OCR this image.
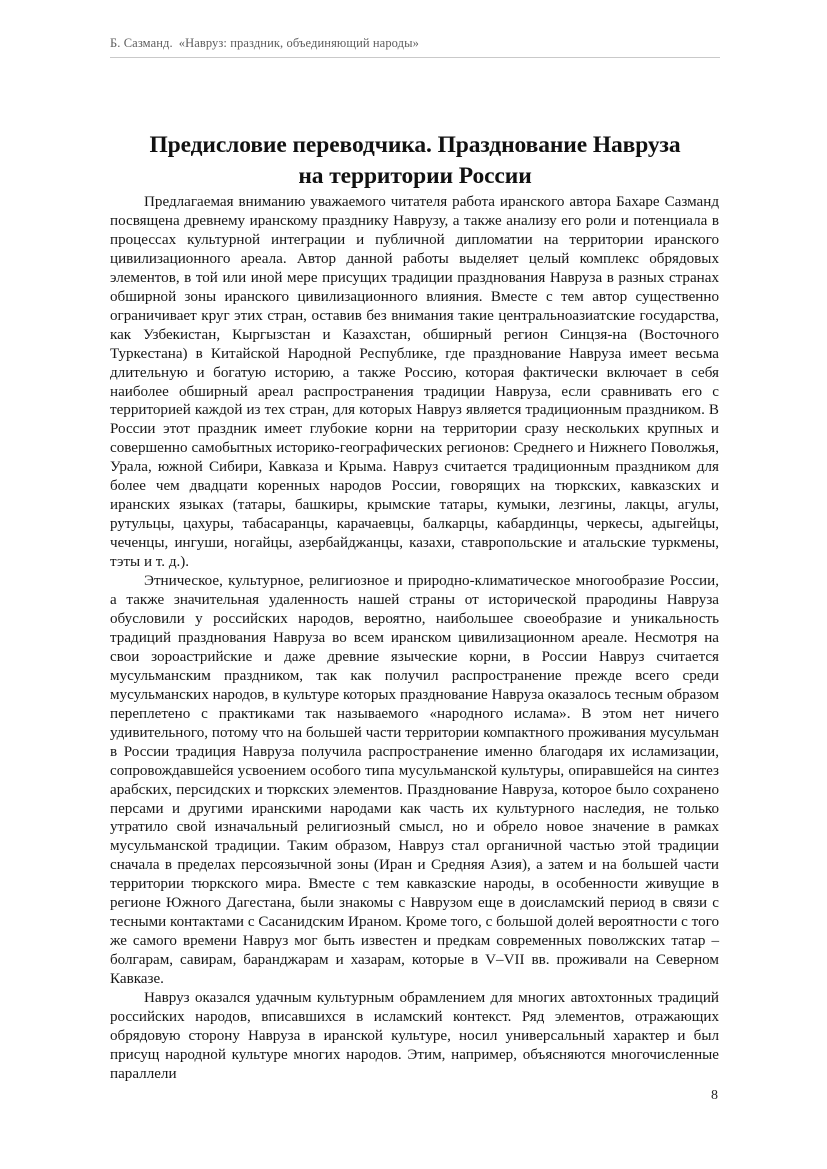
Б. Сазманд. «Навруз: праздник, объединяющий народы»
Предисловие переводчика. Празднование Навруза
на территории России

Предлагаемая вниманию уважаемого читателя работа иранского автора Бахаре Сазманд посвящена древнему иранскому празднику Наврузу, а также анализу его роли и потенциала в процессах культурной интеграции и публичной дипломатии на территории иранского цивилизационного ареала. Автор данной работы выделяет целый комплекс обрядовых элементов, в той или иной мере присущих традиции празднования Навруза в разных странах обширной зоны иранского цивилизационного влияния. Вместе с тем автор существенно ограничивает круг этих стран, оставив без внимания такие центральноазиатские государства, как Узбекистан, Кыргызстан и Казахстан, обширный регион Синцзя-на (Восточного Туркестана) в Китайской Народной Республике, где празднование Навруза имеет весьма длительную и богатую историю, а также Россию, которая фактически включает в себя наиболее обширный ареал распространения традиции Навруза, если сравнивать его с территорией каждой из тех стран, для которых Навруз является традиционным праздником. В России этот праздник имеет глубокие корни на территории сразу нескольких крупных и совершенно самобытных историко-географических регионов: Среднего и Нижнего Поволжья, Урала, южной Сибири, Кавказа и Крыма. Навруз считается традиционным праздником для более чем двадцати коренных народов России, говорящих на тюркских, кавказских и иранских языках (татары, башкиры, крымские татары, кумыки, лезгины, лакцы, агулы, рутульцы, цахуры, табасаранцы, карачаевцы, балкарцы, кабардинцы, черкесы, адыгейцы, чеченцы, ингуши, ногайцы, азербайджанцы, казахи, ставропольские и атальские туркмены, тэты и т. д.).

Этническое, культурное, религиозное и природно-климатическое многообразие России, а также значительная удаленность нашей страны от исторической прародины Навруза обусловили у российских народов, вероятно, наибольшее своеобразие и уникальность традиций празднования Навруза во всем иранском цивилизационном ареале. Несмотря на свои зороастрийские и даже древние языческие корни, в России Навруз считается мусульманским праздником, так как получил распространение прежде всего среди мусульманских народов, в культуре которых празднование Навруза оказалось тесным образом переплетено с практиками так называемого «народного ислама». В этом нет ничего удивительного, потому что на большей части территории компактного проживания мусульман в России традиция Навруза получила распространение именно благодаря их исламизации, сопровождавшейся усвоением особого типа мусульманской культуры, опиравшейся на синтез арабских, персидских и тюркских элементов. Празднование Навруза, которое было сохранено персами и другими иранскими народами как часть их культурного наследия, не только утратило свой изначальный религиозный смысл, но и обрело новое значение в рамках мусульманской традиции. Таким образом, Навруз стал органичной частью этой традиции сначала в пределах персоязычной зоны (Иран и Средняя Азия), а затем и на большей части территории тюркского мира. Вместе с тем кавказские народы, в особенности живущие в регионе Южного Дагестана, были знакомы с Наврузом еще в доисламский период в связи с тесными контактами с Сасанидским Ираном. Кроме того, с большой долей вероятности с того же самого времени Навруз мог быть известен и предкам современных поволжских татар – болгарам, савирам, баранджарам и хазарам, которые в V–VII вв. проживали на Северном Кавказе.

Навруз оказался удачным культурным обрамлением для многих автохтонных традиций российских народов, вписавшихся в исламский контекст. Ряд элементов, отражающих обрядовую сторону Навруза в иранской культуре, носил универсальный характер и был присущ народной культуре многих народов. Этим, например, объясняются многочисленные параллели

8
